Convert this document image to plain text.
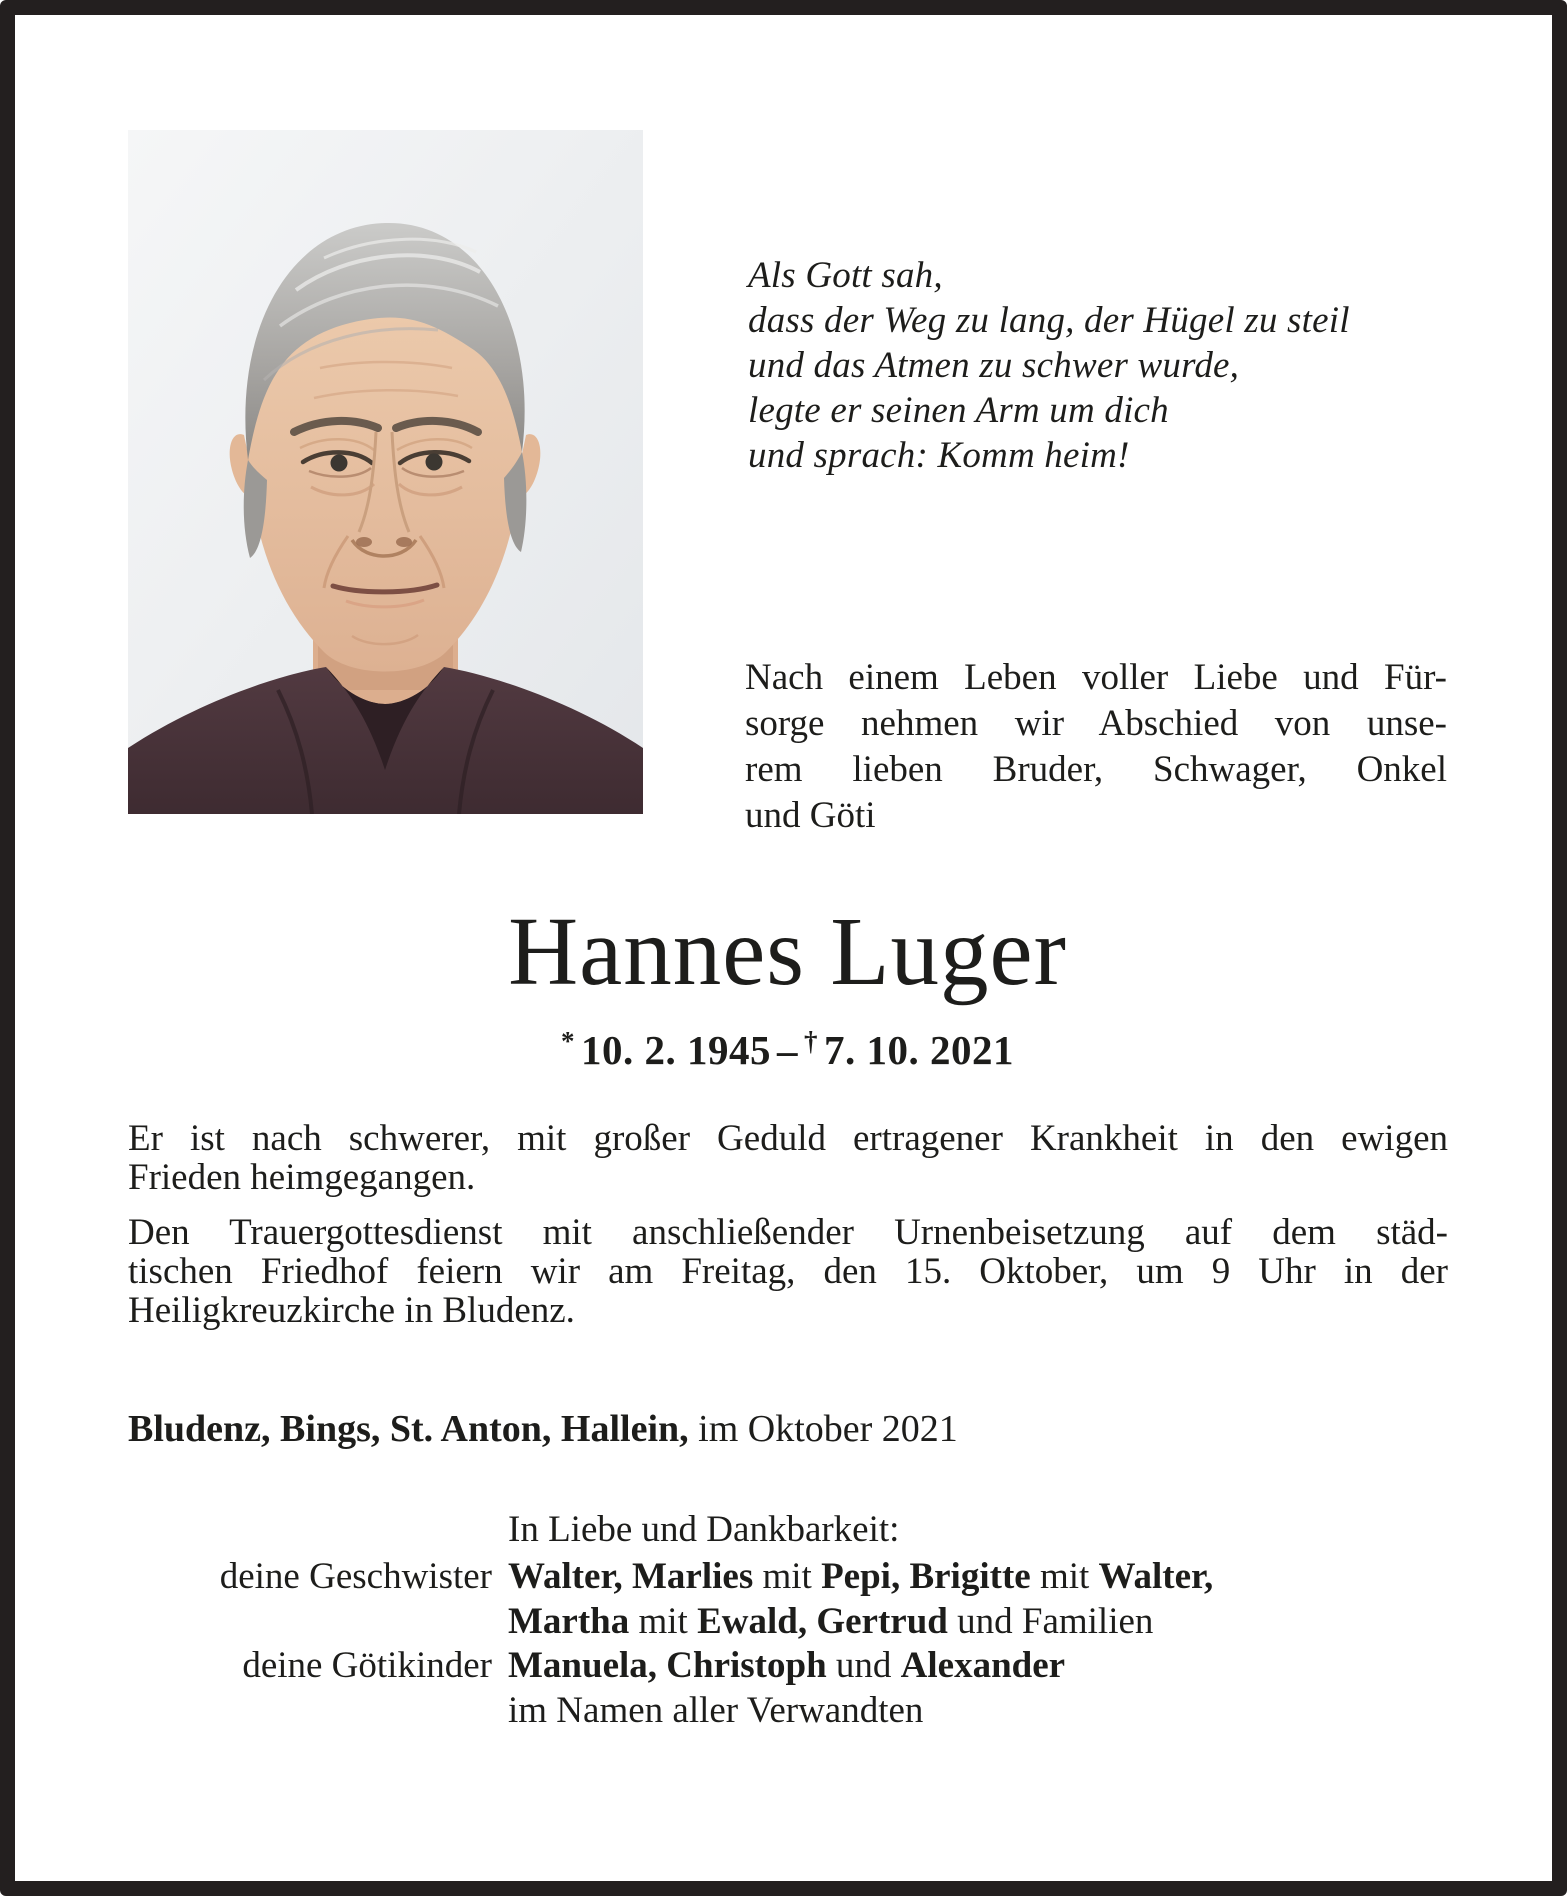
Als Gott sah,
dass der Weg zu lang, der Hügel zu steil
und das Atmen zu schwer wurde,
legte er seinen Arm um dich
und sprach: Komm heim!
Nach einem Leben voller Liebe und Für-
sorge nehmen wir Abschied von unse-
rem lieben Bruder, Schwager, Onkel
und Göti
Hannes Luger
* 10. 2. 1945 – † 7. 10. 2021
Er ist nach schwerer, mit großer Geduld ertragener Krankheit in den ewigen
Frieden heimgegangen.
Den Trauergottesdienst mit anschließender Urnenbeisetzung auf dem städ-
tischen Friedhof feiern wir am Freitag, den 15. Oktober, um 9 Uhr in der
Heiligkreuzkirche in Bludenz.
Bludenz, Bings, St. Anton, Hallein, im Oktober 2021
In Liebe und Dankbarkeit:
deine Geschwister Walter, Marlies mit Pepi, Brigitte mit Walter,
Martha mit Ewald, Gertrud und Familien
deine Götikinder Manuela, Christoph und Alexander
im Namen aller Verwandten
